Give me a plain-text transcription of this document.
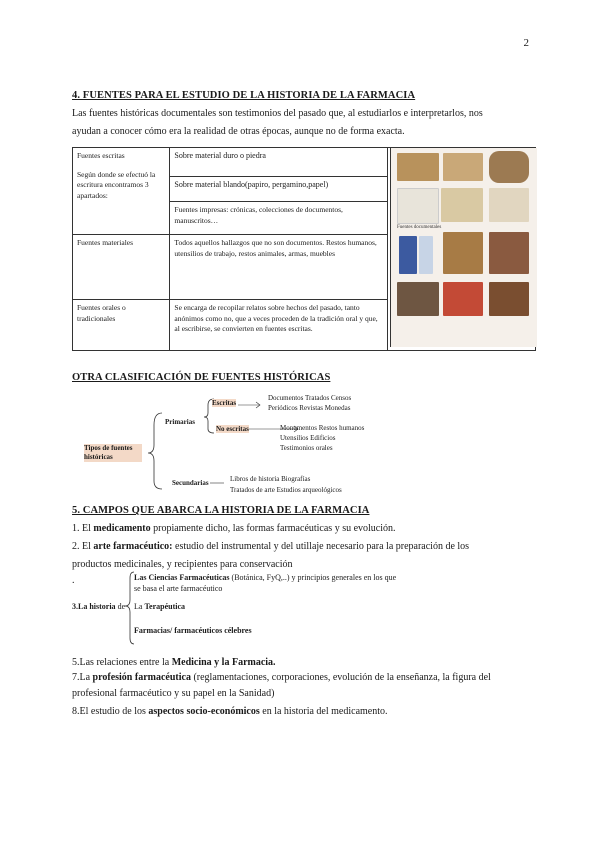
2
4. FUENTES PARA EL ESTUDIO DE LA HISTORIA DE LA FARMACIA
Las fuentes históricas documentales son testimonios del pasado que, al estudiarlos e interpretarlos, nos
ayudan a conocer cómo era la realidad de otras épocas, aunque no de forma exacta.
Fuentes escritas
Según donde se efectuó la escritura encontramos 3 apartados:	Sobre material duro o piedra	
	Sobre material blando(papiro, pergamino,papel)	
	Fuentes impresas: crónicas, colecciones de documentos, manuscritos…	
Fuentes materiales	Todos aquellos hallazgos que no son documentos. Restos humanos, utensilios de trabajo, restos animales, armas, muebles	
Fuentes orales o tradicionales	Se encarga de recopilar relatos sobre hechos del pasado, tanto anónimos como no, que a veces proceden de la tradición oral y que, al escribirse, se convierten en fuentes escritas.	
Fuentes documentales
OTRA CLASIFICACIÓN DE FUENTES HISTÓRICAS
Tipos de fuentes históricas
Primarias
Escritas
Documentos Tratados Censos
Periódicos Revistas Monedas
No escritas	Monumentos Restos humanos
Utensilios Edificios
Testimonios orales
Secundarias	Libros de historia Biografías
Tratados de arte Estudios arqueológicos
5. CAMPOS QUE ABARCA LA HISTORIA DE LA FARMACIA
1. El medicamento propiamente dicho, las formas farmacéuticas y su evolución.
2. El arte farmacéutico: estudio del instrumental y del utillaje necesario para la preparación de los
productos medicinales, y recipientes para conservación
.
3.La historia de
Las Ciencias Farmacéuticas (Botánica, FyQ,..) y principios generales en los que
se basa el arte farmacéutico
La Terapéutica
Farmacias/ farmacéuticos célebres
5.Las relaciones entre la Medicina y la Farmacia.
7.La profesión farmacéutica (reglamentaciones, corporaciones, evolución de la enseñanza, la figura del
profesional farmacéutico y su papel en la Sanidad)
8.El estudio de los aspectos socio-económicos en la historia del medicamento.
